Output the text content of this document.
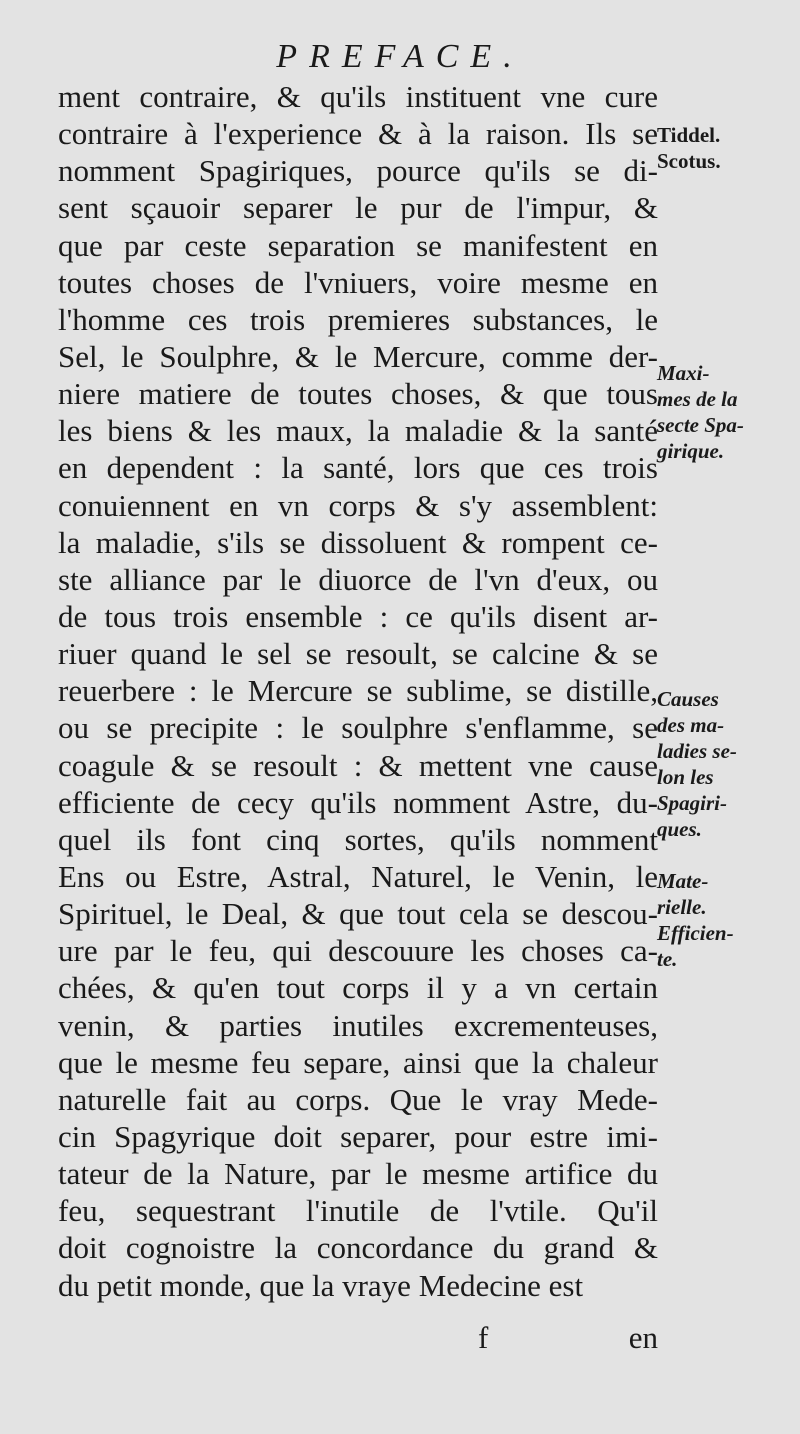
PREFACE.
ment contraire, & qu'ils instituent vne cure
contraire à l'experience & à la raison. Ils se
nomment Spagiriques, pource qu'ils se di-
sent sçauoir separer le pur de l'impur, &
que par ceste separation se manifestent en
toutes choses de l'vniuers, voire mesme en
l'homme ces trois premieres substances, le
Sel, le Soulphre, & le Mercure, comme der-
niere matiere de toutes choses, & que tous
les biens & les maux, la maladie & la santé
en dependent : la santé, lors que ces trois
conuiennent en vn corps & s'y assemblent:
la maladie, s'ils se dissoluent & rompent ce-
ste alliance par le diuorce de l'vn d'eux, ou
de tous trois ensemble : ce qu'ils disent ar-
riuer quand le sel se resoult, se calcine & se
reuerbere : le Mercure se sublime, se distille,
ou se precipite : le soulphre s'enflamme, se
coagule & se resoult : & mettent vne cause
efficiente de cecy qu'ils nomment Astre, du-
quel ils font cinq sortes, qu'ils nomment
Ens ou Estre, Astral, Naturel, le Venin, le
Spirituel, le Deal, & que tout cela se descou-
ure par le feu, qui descouure les choses ca-
chées, & qu'en tout corps il y a vn certain
venin, & parties inutiles excrementeuses,
que le mesme feu separe, ainsi que la chaleur
naturelle fait au corps. Que le vray Mede-
cin Spagyrique doit separer, pour estre imi-
tateur de la Nature, par le mesme artifice du
feu, sequestrant l'inutile de l'vtile. Qu'il
doit cognoistre la concordance du grand &
du petit monde, que la vraye Medecine est
Tiddel.
Scotus.
Maxi-
mes de la
secte Spa-
girique.
Causes
des ma-
ladies se-
lon les
Spagiri-
ques.
Mate-
rielle.
Efficien-
te.
f	en
